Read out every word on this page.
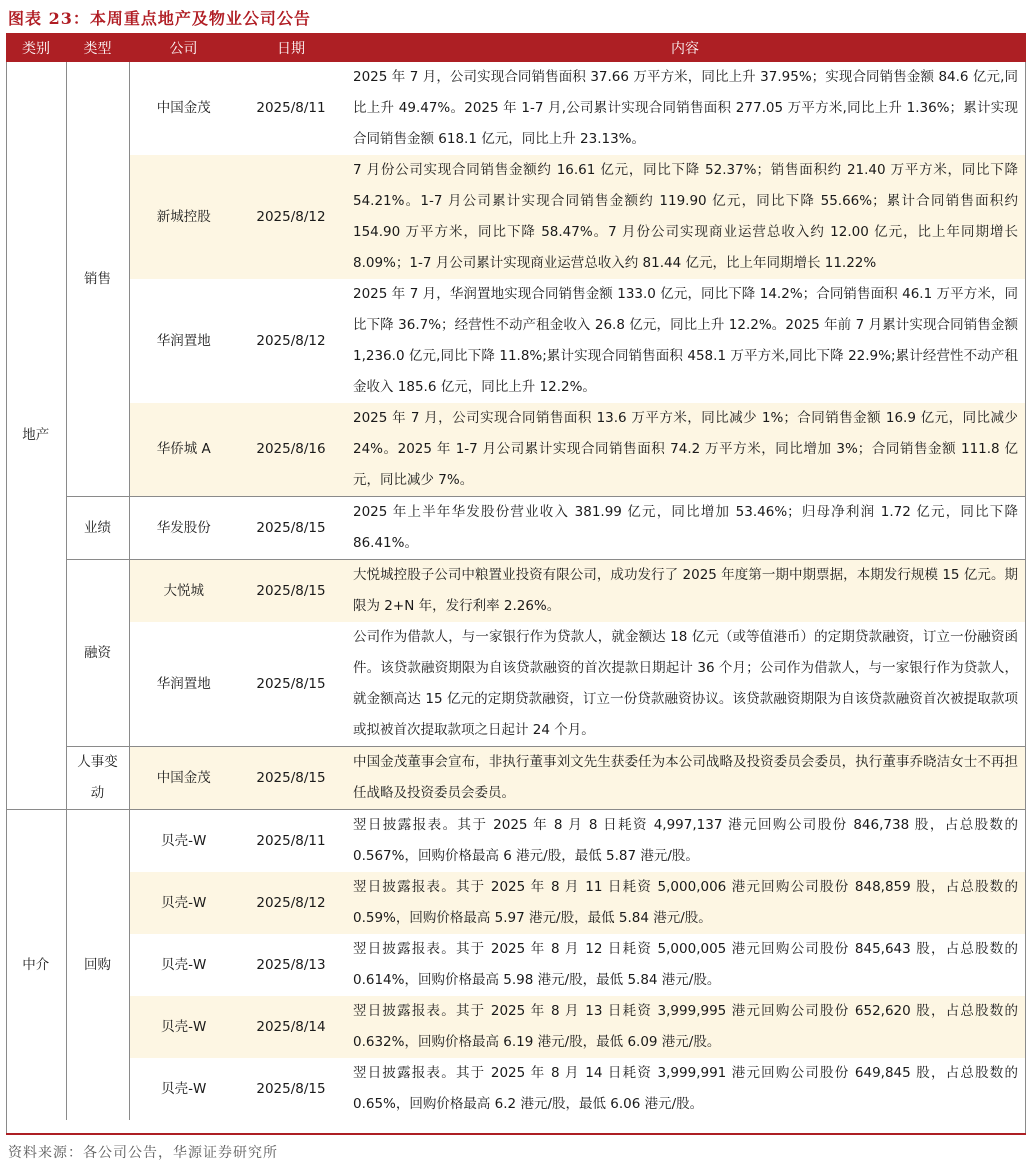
图表 23：本周重点地产及物业公司公告
类别	类型	公司	日期	内容
地产	销售	中国金茂	2025/8/11	2025 年 7 月，公司实现合同销售面积 37.66 万平方米，同比上升 37.95%；实现合同销售金额 84.6 亿元,同比上升 49.47%。2025 年 1-7 月,公司累计实现合同销售面积 277.05 万平方米,同比上升 1.36%；累计实现合同销售金额 618.1 亿元，同比上升 23.13%。
		新城控股	2025/8/12	7 月份公司实现合同销售金额约 16.61 亿元，同比下降 52.37%；销售面积约 21.40 万平方米，同比下降 54.21%。1-7 月公司累计实现合同销售金额约 119.90 亿元，同比下降 55.66%；累计合同销售面积约 154.90 万平方米，同比下降 58.47%。7 月份公司实现商业运营总收入约 12.00 亿元，比上年同期增长 8.09%；1-7 月公司累计实现商业运营总收入约 81.44 亿元，比上年同期增长 11.22%
		华润置地	2025/8/12	2025 年 7 月，华润置地实现合同销售金额 133.0 亿元，同比下降 14.2%；合同销售面积 46.1 万平方米，同比下降 36.7%；经营性不动产租金收入 26.8 亿元，同比上升 12.2%。2025 年前 7 月累计实现合同销售金额 1,236.0 亿元,同比下降 11.8%;累计实现合同销售面积 458.1 万平方米,同比下降 22.9%;累计经营性不动产租金收入 185.6 亿元，同比上升 12.2%。
		华侨城 A	2025/8/16	2025 年 7 月，公司实现合同销售面积 13.6 万平方米，同比减少 1%；合同销售金额 16.9 亿元，同比减少 24%。2025 年 1-7 月公司累计实现合同销售面积 74.2 万平方米，同比增加 3%；合同销售金额 111.8 亿元，同比减少 7%。
	业绩	华发股份	2025/8/15	2025 年上半年华发股份营业收入 381.99 亿元，同比增加 53.46%；归母净利润 1.72 亿元，同比下降 86.41%。
	融资	大悦城	2025/8/15	大悦城控股子公司中粮置业投资有限公司，成功发行了 2025 年度第一期中期票据，本期发行规模 15 亿元。期限为 2+N 年，发行利率 2.26%。
		华润置地	2025/8/15	公司作为借款人，与一家银行作为贷款人，就金额达 18 亿元（或等值港币）的定期贷款融资，订立一份融资函件。该贷款融资期限为自该贷款融资的首次提款日期起计 36 个月；公司作为借款人，与一家银行作为贷款人，就金额高达 15 亿元的定期贷款融资，订立一份贷款融资协议。该贷款融资期限为自该贷款融资首次被提取款项或拟被首次提取款项之日起计 24 个月。
	人事变动	中国金茂	2025/8/15	中国金茂董事会宣布，非执行董事刘文先生获委任为本公司战略及投资委员会委员，执行董事乔晓洁女士不再担任战略及投资委员会委员。
中介	回购	贝壳-W	2025/8/11	翌日披露报表。其于 2025 年 8 月 8 日耗资 4,997,137 港元回购公司股份 846,738 股，占总股数的 0.567%，回购价格最高 6 港元/股，最低 5.87 港元/股。
		贝壳-W	2025/8/12	翌日披露报表。其于 2025 年 8 月 11 日耗资 5,000,006 港元回购公司股份 848,859 股，占总股数的 0.59%，回购价格最高 5.97 港元/股，最低 5.84 港元/股。
		贝壳-W	2025/8/13	翌日披露报表。其于 2025 年 8 月 12 日耗资 5,000,005 港元回购公司股份 845,643 股，占总股数的 0.614%，回购价格最高 5.98 港元/股，最低 5.84 港元/股。
		贝壳-W	2025/8/14	翌日披露报表。其于 2025 年 8 月 13 日耗资 3,999,995 港元回购公司股份 652,620 股，占总股数的 0.632%，回购价格最高 6.19 港元/股，最低 6.09 港元/股。
		贝壳-W	2025/8/15	翌日披露报表。其于 2025 年 8 月 14 日耗资 3,999,991 港元回购公司股份 649,845 股，占总股数的 0.65%，回购价格最高 6.2 港元/股，最低 6.06 港元/股。
资料来源：各公司公告，华源证券研究所
